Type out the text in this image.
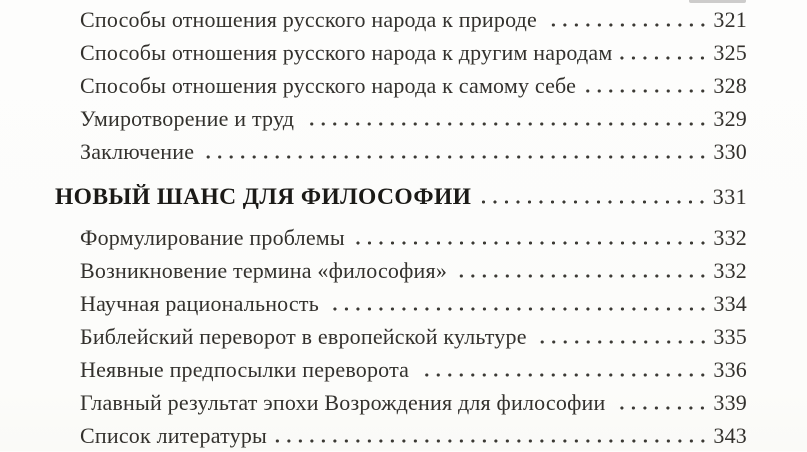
Способы отношения русского народа к природе	321
Способы отношения русского народа к другим народам	325
Способы отношения русского народа к самому себе	328
Умиротворение и труд	329
Заключение	330
НОВЫЙ ШАНС ДЛЯ ФИЛОСОФИИ	331
Формулирование проблемы	332
Возникновение термина «философия»	332
Научная рациональность	334
Библейский переворот в европейской культуре	335
Неявные предпосылки переворота	336
Главный результат эпохи Возрождения для философии	339
Список литературы	343
